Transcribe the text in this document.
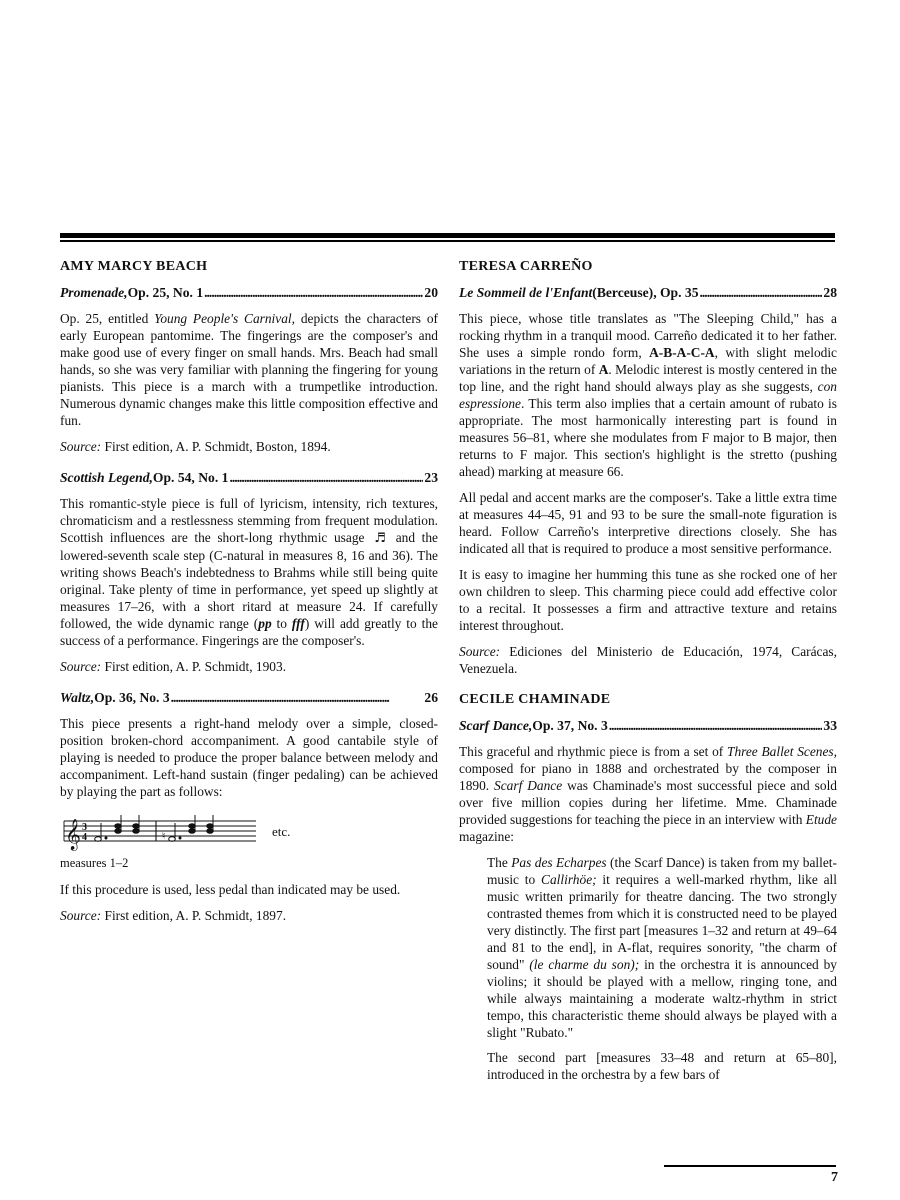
AMY MARCY BEACH
Promenade, Op. 25, No. 1 . . .	20

Op. 25, entitled Young People's Carnival, depicts the characters of early European pantomime. The fingerings are the composer's and make good use of every finger on small hands. Mrs. Beach had small hands, so she was very familiar with planning the fingering for young pianists. This piece is a march with a trumpetlike introduction. Numerous dynamic changes make this little composition effective and fun.

Source: First edition, A. P. Schmidt, Boston, 1894.

Scottish Legend, Op. 54, No. 1 . . .	23

This romantic-style piece is full of lyricism, intensity, rich textures, chromaticism and a restlessness stemming from frequent modulation. Scottish influences are the short-long rhythmic usage ♬ and the lowered-seventh scale step (C-natural in measures 8, 16 and 36). The writing shows Beach's indebtedness to Brahms while still being quite original. Take plenty of time in performance, yet speed up slightly at measures 17–26, with a short ritard at measure 24. If carefully followed, the wide dynamic range (pp to fff) will add greatly to the success of a performance. Fingerings are the composer's.

Source: First edition, A. P. Schmidt, 1903.

Waltz, Op. 36, No. 3 . . .	26

This piece presents a right-hand melody over a simple, closed-position broken-chord accompaniment. A good cantabile style of playing is needed to produce the proper balance between melody and accompaniment. Left-hand sustain (finger pedaling) can be achieved by playing the part as follows:

𝄞 3
4	♮	etc.
measures 1–2

If this procedure is used, less pedal than indicated may be used.

Source: First edition, A. P. Schmidt, 1897.

TERESA CARREÑO
Le Sommeil de l'Enfant (Berceuse), Op. 35 . . .	28

This piece, whose title translates as "The Sleeping Child," has a rocking rhythm in a tranquil mood. Carreño dedicated it to her father. She uses a simple rondo form, A-B-A-C-A, with slight melodic variations in the return of A. Melodic interest is mostly centered in the top line, and the right hand should always play as she suggests, con espressione. This term also implies that a certain amount of rubato is appropriate. The most harmonically interesting part is found in measures 56–81, where she modulates from F major to B major, then returns to F major. This section's highlight is the stretto (pushing ahead) marking at measure 66.

All pedal and accent marks are the composer's. Take a little extra time at measures 44–45, 91 and 93 to be sure the small-note figuration is heard. Follow Carreño's interpretive directions closely. She has indicated all that is required to produce a most sensitive performance.

It is easy to imagine her humming this tune as she rocked one of her own children to sleep. This charming piece could add effective color to a recital. It possesses a firm and attractive texture and retains interest throughout.

Source: Ediciones del Ministerio de Educación, 1974, Carácas, Venezuela.

CECILE CHAMINADE
Scarf Dance, Op. 37, No. 3 . . .	33

This graceful and rhythmic piece is from a set of Three Ballet Scenes, composed for piano in 1888 and orchestrated by the composer in 1890. Scarf Dance was Chaminade's most successful piece and sold over five million copies during her lifetime. Mme. Chaminade provided suggestions for teaching the piece in an interview with Etude magazine:

The Pas des Echarpes (the Scarf Dance) is taken from my ballet-music to Callirhöe; it requires a well-marked rhythm, like all music written primarily for theatre dancing. The two strongly contrasted themes from which it is constructed need to be played very distinctly. The first part [measures 1–32 and return at 49–64 and 81 to the end], in A-flat, requires sonority, "the charm of sound" (le charme du son); in the orchestra it is announced by violins; it should be played with a mellow, ringing tone, and while always maintaining a moderate waltz-rhythm in strict tempo, this characteristic theme should always be played with a slight "Rubato."

The second part [measures 33–48 and return at 65–80], introduced in the orchestra by a few bars of

7
